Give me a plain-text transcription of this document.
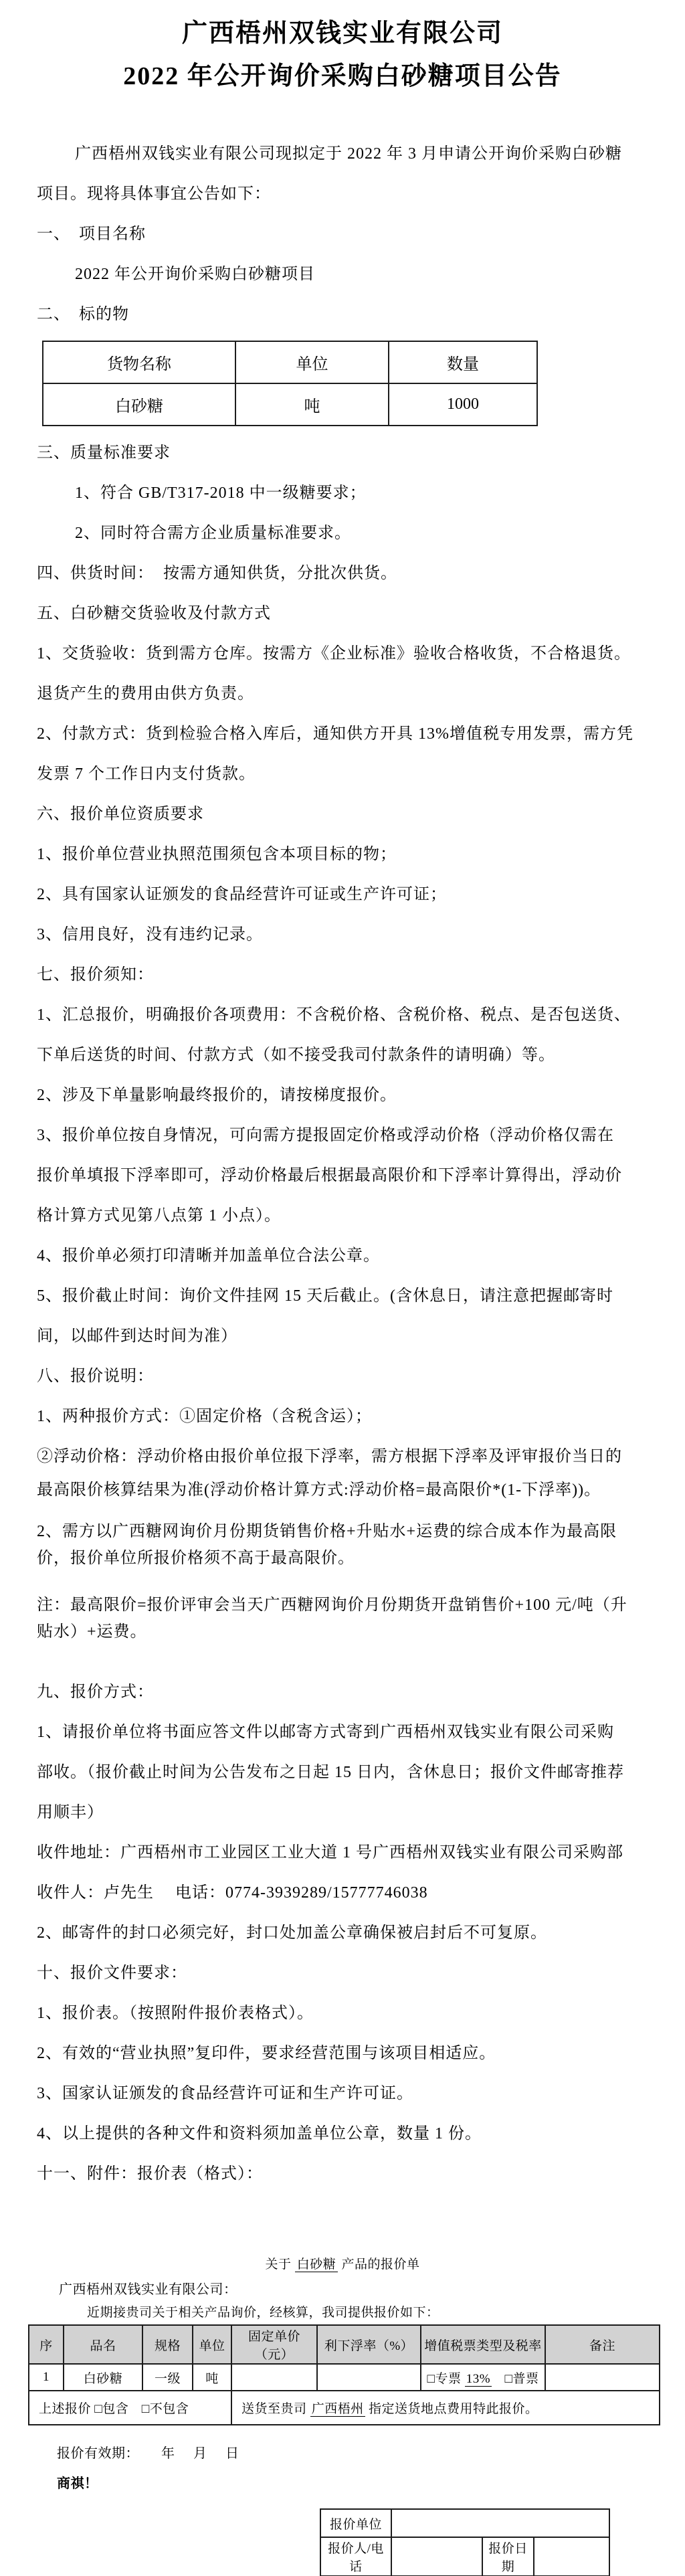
广西梧州双钱实业有限公司
2022 年公开询价采购白砂糖项目公告
广西梧州双钱实业有限公司现拟定于 2022 年 3 月申请公开询价采购白砂糖
项目。现将具体事宜公告如下：
一、　项目名称
2022 年公开询价采购白砂糖项目
二、　标的物
货物名称	单位	数量
白砂糖	吨	1000
三、质量标准要求
1、符合 GB/T317-2018 中一级糖要求；
2、同时符合需方企业质量标准要求。
四、供货时间：  按需方通知供货，分批次供货。
五、白砂糖交货验收及付款方式
1、交货验收：货到需方仓库。按需方《企业标准》验收合格收货，不合格退货。
退货产生的费用由供方负责。
2、付款方式：货到检验合格入库后，通知供方开具 13%增值税专用发票，需方凭
发票 7 个工作日内支付货款。
六、报价单位资质要求
1、报价单位营业执照范围须包含本项目标的物；
2、具有国家认证颁发的食品经营许可证或生产许可证；
3、信用良好，没有违约记录。
七、报价须知：
1、汇总报价，明确报价各项费用：不含税价格、含税价格、税点、是否包送货、
下单后送货的时间、付款方式（如不接受我司付款条件的请明确）等。
2、涉及下单量影响最终报价的，请按梯度报价。
3、报价单位按自身情况，可向需方提报固定价格或浮动价格（浮动价格仅需在
报价单填报下浮率即可，浮动价格最后根据最高限价和下浮率计算得出，浮动价
格计算方式见第八点第 1 小点）。
4、报价单必须打印清晰并加盖单位合法公章。
5、报价截止时间：询价文件挂网 15 天后截止。(含休息日，请注意把握邮寄时
间，以邮件到达时间为准）
八、报价说明：
1、两种报价方式：①固定价格（含税含运）；
②浮动价格：浮动价格由报价单位报下浮率，需方根据下浮率及评审报价当日的
最高限价核算结果为准(浮动价格计算方式:浮动价格=最高限价*(1-下浮率))。
2、需方以广西糖网询价月份期货销售价格+升贴水+运费的综合成本作为最高限
价，报价单位所报价格须不高于最高限价。
注：最高限价=报价评审会当天广西糖网询价月份期货开盘销售价+100 元/吨（升
贴水）+运费。
九、报价方式：
1、请报价单位将书面应答文件以邮寄方式寄到广西梧州双钱实业有限公司采购
部收。（报价截止时间为公告发布之日起 15 日内，含休息日；报价文件邮寄推荐
用顺丰）
收件地址：广西梧州市工业园区工业大道 1 号广西梧州双钱实业有限公司采购部
收件人：卢先生　 电话：0774-3939289/15777746038
2、邮寄件的封口必须完好，封口处加盖公章确保被启封后不可复原。
十、报价文件要求：
1、报价表。（按照附件报价表格式）。
2、有效的“营业执照”复印件，要求经营范围与该项目相适应。
3、国家认证颁发的食品经营许可证和生产许可证。
4、以上提供的各种文件和资料须加盖单位公章，数量 1 份。
十一、附件：报价表（格式）：
关于 白砂糖 产品的报价单
广西梧州双钱实业有限公司：
近期接贵司关于相关产品询价，经核算，我司提供报价如下：
序	品名	规格	单位	固定单价（元）	利下浮率（%）	增值税票类型及税率	备注
1	白砂糖	一级	吨			□专票 13%　□普票	
上述报价 □包含　□不包含				送货至贵司 广西梧州 指定送货地点费用特此报价。			
报价有效期：      年     月     日
商祺！
报价单位			
报价人/电话		报价日期	
